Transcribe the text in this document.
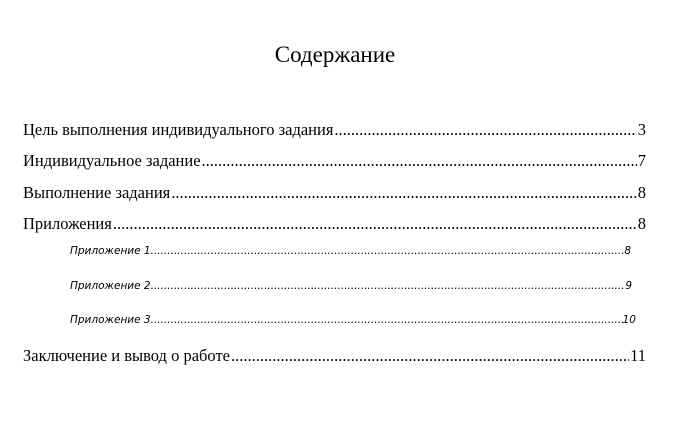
Содержание
Цель выполнения индивидуального задания .....	3
Индивидуальное задание .....	7
Выполнение задания .....	8
Приложения .....	8
Приложение 1 .....	8
Приложение 2 .....	9
Приложение 3 .....	10
Заключение и вывод о работе .....	11
